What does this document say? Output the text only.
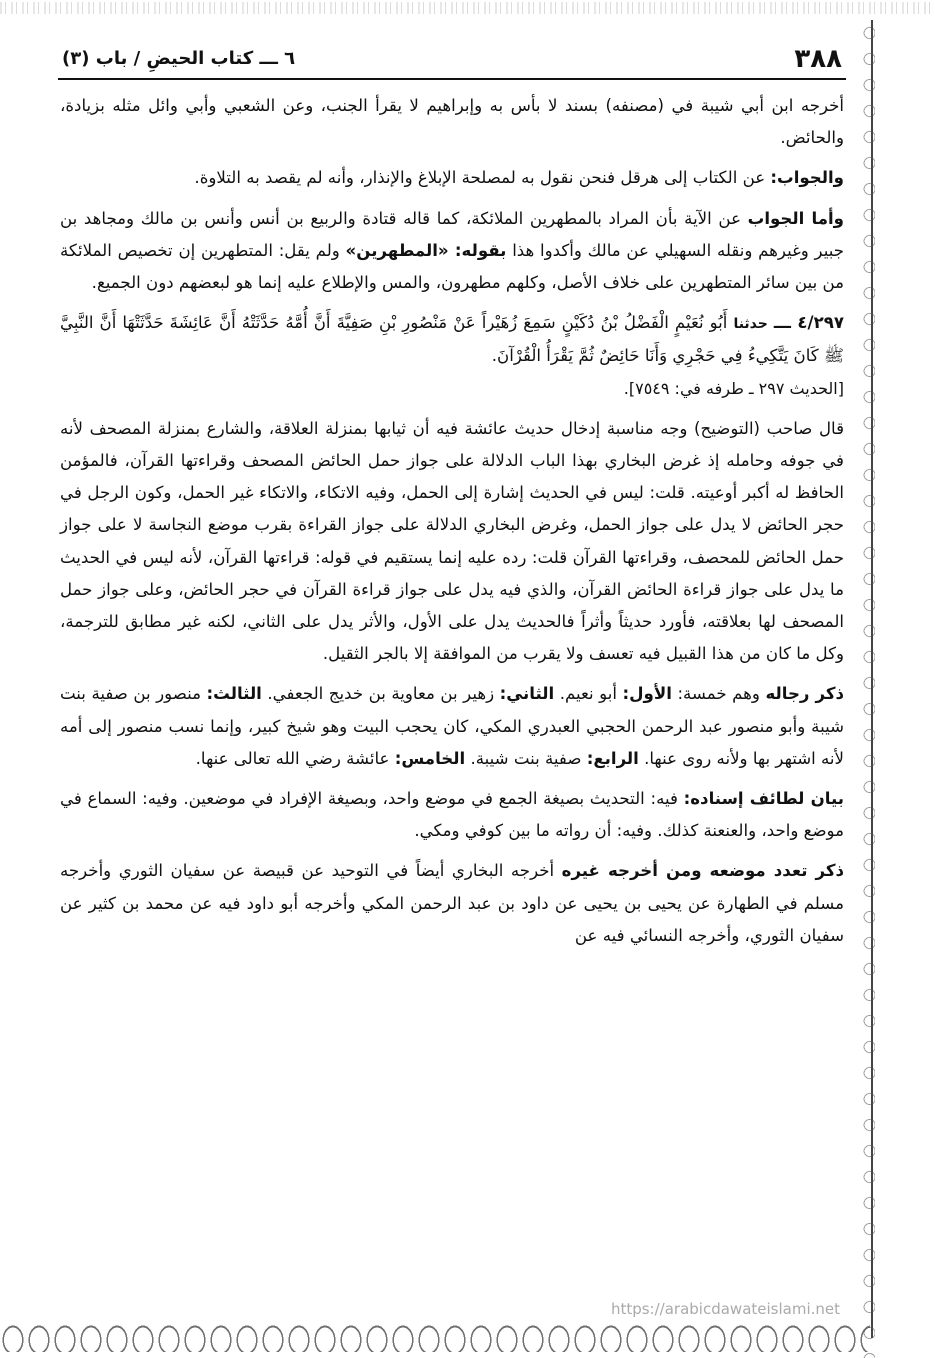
٣٨٨
٦ ـــ كتاب الحيضِ / باب (٣)

أخرجه ابن أبي شيبة في (مصنفه) بسند لا بأس به وإبراهيم لا يقرأ الجنب، وعن الشعبي وأبي وائل مثله بزيادة، والحائض.

والجواب: عن الكتاب إلى هرقل فنحن نقول به لمصلحة الإبلاغ والإنذار، وأنه لم يقصد به التلاوة.

وأما الجواب عن الآية بأن المراد بالمطهرين الملائكة، كما قاله قتادة والربيع بن أنس وأنس بن مالك ومجاهد بن جبير وغيرهم ونقله السهيلي عن مالك وأكدوا هذا بقوله: «المطهرين» ولم يقل: المتطهرين إن تخصيص الملائكة من بين سائر المتطهرين على خلاف الأصل، وكلهم مطهرون، والمس والإطلاع عليه إنما هو لبعضهم دون الجميع.

٤/٢٩٧ ـــ حدثنا أَبُو نُعَيْمٍ الْفَضْلُ بْنُ دُكَيْنٍ سَمِعَ زُهَيْراً عَنْ مَنْصُورِ بْنِ صَفِيَّةَ أَنَّ أُمَّهُ حَدَّثَتْهُ أَنَّ عَائِشَةَ حَدَّثَتْهَا أَنَّ النَّبِيَّ ﷺ كَانَ يَتَّكِيءُ فِي حَجْرِي وَأَنَا حَائِضٌ ثُمَّ يَقْرَأُ الْقُرْآنَ.

[الحديث ٢٩٧ ـ طرفه في: ٧٥٤٩].

قال صاحب (التوضيح) وجه مناسبة إدخال حديث عائشة فيه أن ثيابها بمنزلة العلاقة، والشارع بمنزلة المصحف لأنه في جوفه وحامله إذ غرض البخاري بهذا الباب الدلالة على جواز حمل الحائض المصحف وقراءتها القرآن، فالمؤمن الحافظ له أكبر أوعيته. قلت: ليس في الحديث إشارة إلى الحمل، وفيه الاتكاء، والاتكاء غير الحمل، وكون الرجل في حجر الحائض لا يدل على جواز الحمل، وغرض البخاري الدلالة على جواز القراءة بقرب موضع النجاسة لا على جواز حمل الحائض للمحصف، وقراءتها القرآن قلت: رده عليه إنما يستقيم في قوله: قراءتها القرآن، لأنه ليس في الحديث ما يدل على جواز قراءة الحائض القرآن، والذي فيه يدل على جواز قراءة القرآن في حجر الحائض، وعلى جواز حمل المصحف لها بعلاقته، فأورد حديثاً وأثراً فالحديث يدل على الأول، والأثر يدل على الثاني، لكنه غير مطابق للترجمة، وكل ما كان من هذا القبيل فيه تعسف ولا يقرب من الموافقة إلا بالجر الثقيل.

ذكر رجاله وهم خمسة: الأول: أبو نعيم. الثاني: زهير بن معاوية بن خديج الجعفي. الثالث: منصور بن صفية بنت شيبة وأبو منصور عبد الرحمن الحجبي العبدري المكي، كان يحجب البيت وهو شيخ كبير، وإنما نسب منصور إلى أمه لأنه اشتهر بها ولأنه روى عنها. الرابع: صفية بنت شيبة. الخامس: عائشة رضي الله تعالى عنها.

بيان لطائف إسناده: فيه: التحديث بصيغة الجمع في موضع واحد، وبصيغة الإفراد في موضعين. وفيه: السماع في موضع واحد، والعنعنة كذلك. وفيه: أن رواته ما بين كوفي ومكي.

ذكر تعدد موضعه ومن أخرجه غيره أخرجه البخاري أيضاً في التوحيد عن قبيصة عن سفيان الثوري وأخرجه مسلم في الطهارة عن يحيى بن يحيى عن داود بن عبد الرحمن المكي وأخرجه أبو داود فيه عن محمد بن كثير عن سفيان الثوري، وأخرجه النسائي فيه عن

https://arabicdawateislami.net
